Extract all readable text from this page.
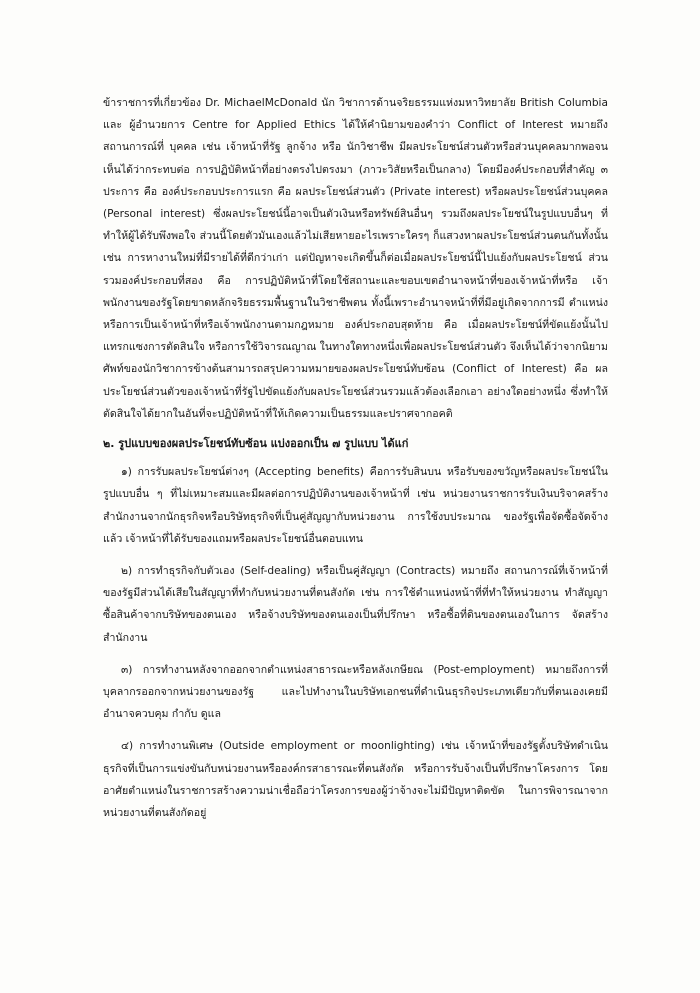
ข้าราชการที่เกี่ยวข้อง Dr. MichaelMcDonald นัก วิชาการด้านจริยธรรมแห่งมหาวิทยาลัย British Columbia และ ผู้อำนวยการ Centre for Applied Ethics ได้ให้คำนิยามของคำว่า Conflict of Interest หมายถึง สถานการณ์ที่ บุคคล เช่น เจ้าหน้าที่รัฐ ลูกจ้าง หรือ นักวิชาชีพ มีผลประโยชน์ส่วนตัวหรือส่วนบุคคลมากพอจนเห็นได้ว่ากระทบต่อ การปฏิบัติหน้าที่อย่างตรงไปตรงมา (ภาวะวิสัยหรือเป็นกลาง) โดยมีองค์ประกอบที่สำคัญ ๓ ประการ คือ องค์ประกอบประการแรก คือ ผลประโยชน์ส่วนตัว (Private interest) หรือผลประโยชน์ส่วนบุคคล (Personal interest) ซึ่งผลประโยชน์นี้อาจเป็นตัวเงินหรือทรัพย์สินอื่นๆ รวมถึงผลประโยชน์ในรูปแบบอื่นๆ ที่ทำให้ผู้ได้รับพึงพอใจ ส่วนนี้โดยตัวมันเองแล้วไม่เสียหายอะไรเพราะใครๆ ก็แสวงหาผลประโยชน์ส่วนตนกันทั้งนั้น เช่น การหางานใหม่ที่มีรายได้ที่ดีกว่าเก่า แต่ปัญหาจะเกิดขึ้นก็ต่อเมื่อผลประโยชน์นี้ไปแย้งกับผลประโยชน์ ส่วนรวมองค์ประกอบที่สอง คือ การปฏิบัติหน้าที่โดยใช้สถานะและขอบเขตอำนาจหน้าที่ของเจ้าหน้าที่หรือ เจ้าพนักงานของรัฐโดยขาดหลักจริยธรรมพื้นฐานในวิชาชีพตน ทั้งนี้เพราะอำนาจหน้าที่ที่มีอยู่เกิดจากการมี ตำแหน่ง หรือการเป็นเจ้าหน้าที่หรือเจ้าพนักงานตามกฎหมาย องค์ประกอบสุดท้าย คือ เมื่อผลประโยชน์ที่ขัดแย้งนั้นไปแทรกแซงการตัดสินใจ หรือการใช้วิจารณญาณ ในทางใดทางหนึ่งเพื่อผลประโยชน์ส่วนตัว จึงเห็นได้ว่าจากนิยามศัพท์ของนักวิชาการข้างต้นสามารถสรุปความหมายของผลประโยชน์ทับซ้อน (Conflict of Interest) คือ ผลประโยชน์ส่วนตัวของเจ้าหน้าที่รัฐไปขัดแย้งกับผลประโยชน์ส่วนรวมแล้วต้องเลือกเอา อย่างใดอย่างหนึ่ง ซึ่งทำให้ตัดสินใจได้ยากในอันที่จะปฏิบัติหน้าที่ให้เกิดความเป็นธรรมและปราศจากอคติ

๒. รูปแบบของผลประโยชน์ทับซ้อน แบ่งออกเป็น ๗ รูปแบบ ได้แก่

๑) การรับผลประโยชน์ต่างๆ (Accepting benefits) คือการรับสินบน หรือรับของขวัญหรือผลประโยชน์ในรูปแบบอื่น ๆ ที่ไม่เหมาะสมและมีผลต่อการปฏิบัติงานของเจ้าหน้าที่ เช่น หน่วยงานราชการรับเงินบริจาคสร้าง สำนักงานจากนักธุรกิจหรือบริษัทธุรกิจที่เป็นคู่สัญญากับหน่วยงาน การใช้งบประมาณ ของรัฐเพื่อจัดซื้อจัดจ้างแล้ว เจ้าหน้าที่ได้รับของแถมหรือผลประโยชน์อื่นตอบแทน

๒) การทำธุรกิจกับตัวเอง (Self-dealing) หรือเป็นคู่สัญญา (Contracts) หมายถึง สถานการณ์ที่เจ้าหน้าที่ของรัฐมีส่วนได้เสียในสัญญาที่ทำกับหน่วยงานที่ตนสังกัด เช่น การใช้ตำแหน่งหน้าที่ที่ทำให้หน่วยงาน ทำสัญญาซื้อสินค้าจากบริษัทของตนเอง หรือจ้างบริษัทของตนเองเป็นที่ปรึกษา หรือซื้อที่ดินของตนเองในการ จัดสร้างสำนักงาน

๓) การทำงานหลังจากออกจากตำแหน่งสาธารณะหรือหลังเกษียณ (Post-employment) หมายถึงการที่บุคลากรออกจากหน่วยงานของรัฐ และไปทำงานในบริษัทเอกชนที่ดำเนินธุรกิจประเภทเดียวกับที่ตนเองเคยมี อำนาจควบคุม กำกับ ดูแล

๔) การทำงานพิเศษ (Outside employment or moonlighting) เช่น เจ้าหน้าที่ของรัฐตั้งบริษัทดำเนินธุรกิจที่เป็นการแข่งขันกับหน่วยงานหรือองค์กรสาธารณะที่ตนสังกัด หรือการรับจ้างเป็นที่ปรึกษาโครงการ โดยอาศัยตำแหน่งในราชการสร้างความน่าเชื่อถือว่าโครงการของผู้ว่าจ้างจะไม่มีปัญหาติดขัด ในการพิจารณาจาก หน่วยงานที่ตนสังกัดอยู่
